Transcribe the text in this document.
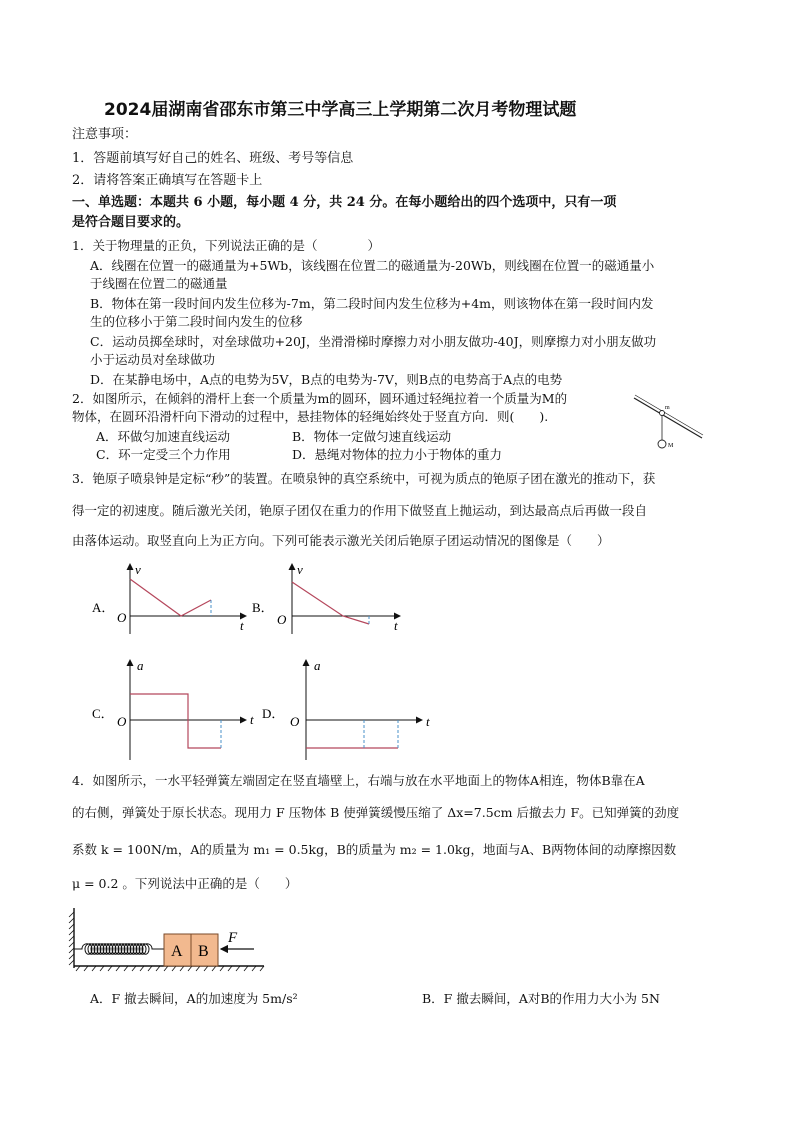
2024届湖南省邵东市第三中学高三上学期第二次月考物理试题
注意事项：
1．答题前填写好自己的姓名、班级、考号等信息
2．请将答案正确填写在答题卡上
一、单选题：本题共 6 小题，每小题 4 分，共 24 分。在每小题给出的四个选项中，只有一项
是符合题目要求的。
1．关于物理量的正负，下列说法正确的是（　　　　）
A．线圈在位置一的磁通量为+5Wb，该线圈在位置二的磁通量为-20Wb，则线圈在位置一的磁通量小
于线圈在位置二的磁通量
B．物体在第一段时间内发生位移为-7m，第二段时间内发生位移为+4m，则该物体在第一段时间内发
生的位移小于第二段时间内发生的位移
C．运动员掷垒球时，对垒球做功+20J，坐滑滑梯时摩擦力对小朋友做功-40J，则摩擦力对小朋友做功
小于运动员对垒球做功
D．在某静电场中，A点的电势为5V，B点的电势为-7V，则B点的电势高于A点的电势
2．如图所示，在倾斜的滑杆上套一个质量为m的圆环，圆环通过轻绳拉着一个质量为M的
物体，在圆环沿滑杆向下滑动的过程中，悬挂物体的轻绳始终处于竖直方向．则(　　).
A．环做匀加速直线运动	B．物体一定做匀速直线运动
C．环一定受三个力作用	D．悬绳对物体的拉力小于物体的重力
m
M
3．铯原子喷泉钟是定标“秒”的装置。在喷泉钟的真空系统中，可视为质点的铯原子团在激光的推动下，获
得一定的初速度。随后激光关闭，铯原子团仅在重力的作用下做竖直上抛运动，到达最高点后再做一段自
由落体运动。取竖直向上为正方向。下列可能表示激光关闭后铯原子团运动情况的图像是（　　）
A．
v
t
O
B．
v
t
O
C．
a
t
O
D．
a
t
O
4．如图所示，一水平轻弹簧左端固定在竖直墙壁上，右端与放在水平地面上的物体A相连，物体B靠在A
的右侧，弹簧处于原长状态。现用力 F 压物体 B 使弹簧缓慢压缩了 Δx=7.5cm 后撤去力 F。已知弹簧的劲度
系数 k = 100N/m，A的质量为 m₁ = 0.5kg，B的质量为 m₂ = 1.0kg，地面与A、B两物体间的动摩擦因数
μ = 0.2 。下列说法中正确的是（　　）
A B
F
A．F 撤去瞬间，A的加速度为 5m/s²	B．F 撤去瞬间，A对B的作用力大小为 5N
